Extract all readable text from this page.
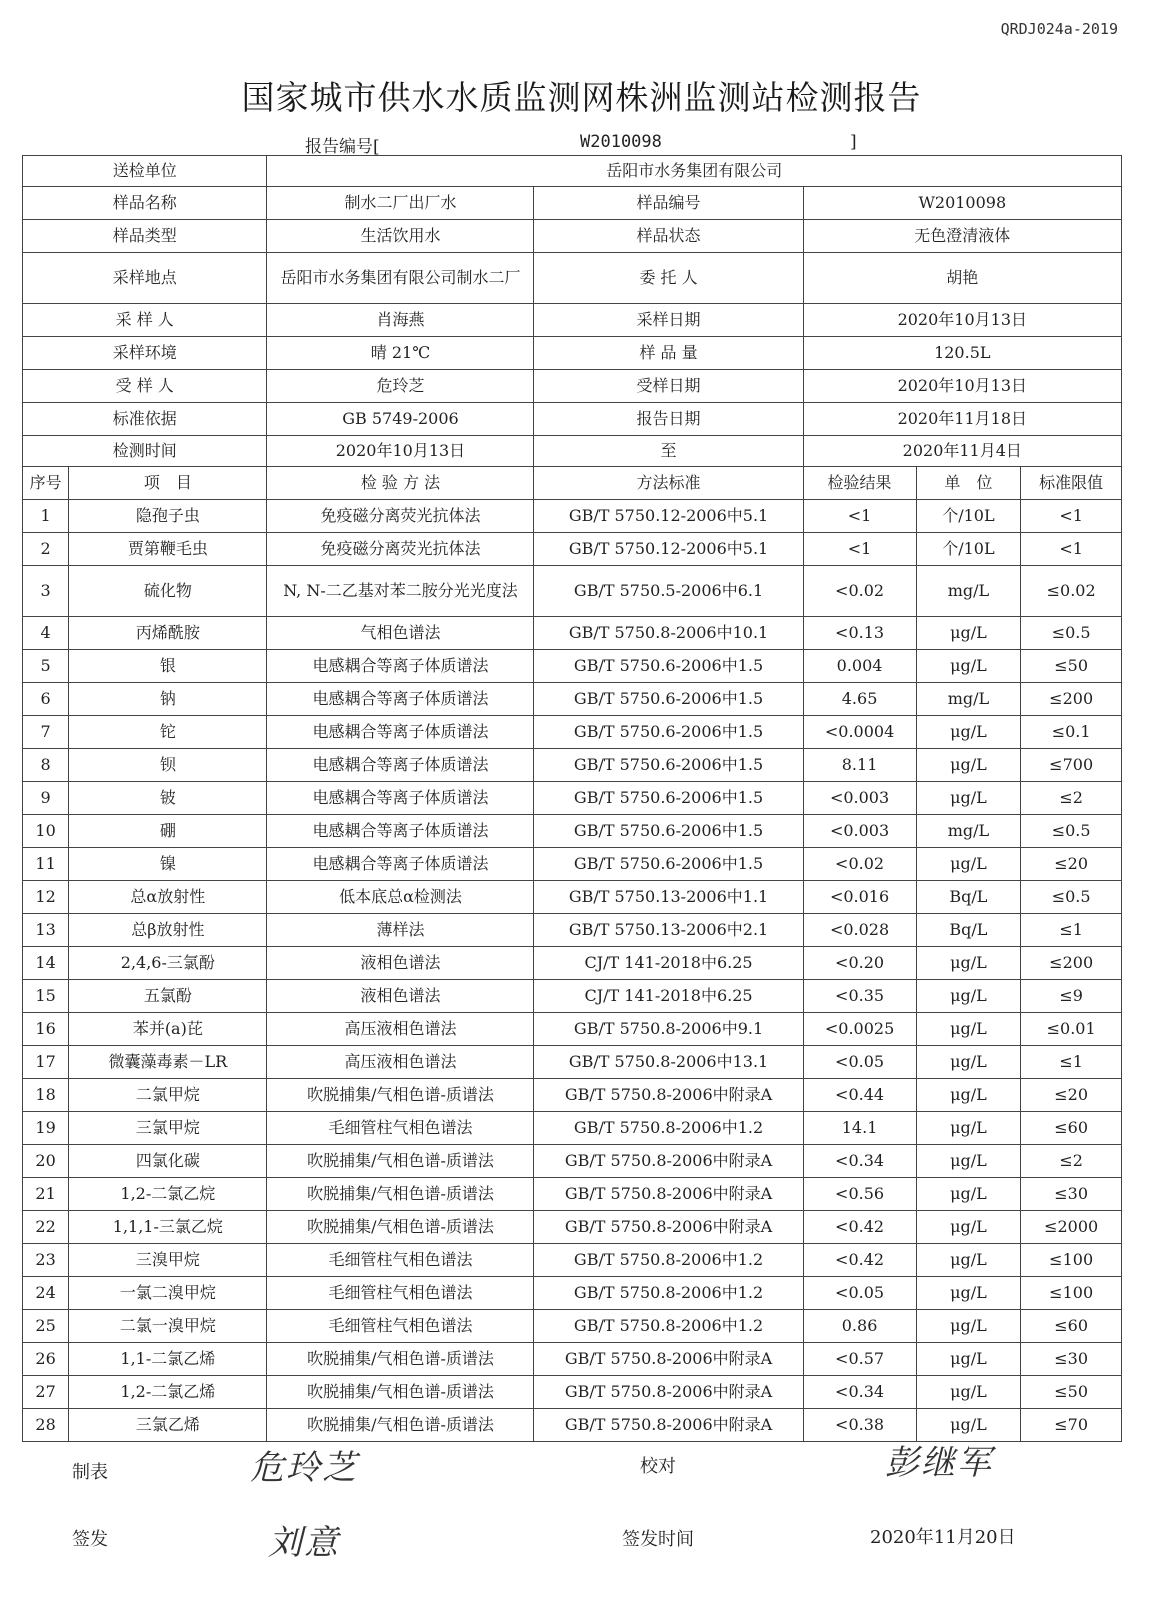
QRDJ024a-2019
国家城市供水水质监测网株洲监测站检测报告
报告编号[	W2010098	]
送检单位		岳阳市水务集团有限公司				
样品名称		制水二厂出厂水	样品编号	W2010098		
样品类型		生活饮用水	样品状态	无色澄清液体		
采样地点		岳阳市水务集团有限公司制水二厂	委 托 人	胡艳		
采 样 人		肖海燕	采样日期	2020年10月13日		
采样环境		晴 21℃	样 品 量	120.5L		
受 样 人		危玲芝	受样日期	2020年10月13日		
标准依据		GB 5749-2006	报告日期	2020年11月18日		
检测时间		2020年10月13日	至	2020年11月4日		
序号	项　目	检 验 方 法	方法标准	检验结果	单　位	标准限值
1	隐孢子虫	免疫磁分离荧光抗体法	GB/T 5750.12-2006中5.1	<1	个/10L	<1
2	贾第鞭毛虫	免疫磁分离荧光抗体法	GB/T 5750.12-2006中5.1	<1	个/10L	<1
3	硫化物	N, N-二乙基对苯二胺分光光度法	GB/T 5750.5-2006中6.1	<0.02	mg/L	≤0.02
4	丙烯酰胺	气相色谱法	GB/T 5750.8-2006中10.1	<0.13	μg/L	≤0.5
5	银	电感耦合等离子体质谱法	GB/T 5750.6-2006中1.5	0.004	μg/L	≤50
6	钠	电感耦合等离子体质谱法	GB/T 5750.6-2006中1.5	4.65	mg/L	≤200
7	铊	电感耦合等离子体质谱法	GB/T 5750.6-2006中1.5	<0.0004	μg/L	≤0.1
8	钡	电感耦合等离子体质谱法	GB/T 5750.6-2006中1.5	8.11	μg/L	≤700
9	铍	电感耦合等离子体质谱法	GB/T 5750.6-2006中1.5	<0.003	μg/L	≤2
10	硼	电感耦合等离子体质谱法	GB/T 5750.6-2006中1.5	<0.003	mg/L	≤0.5
11	镍	电感耦合等离子体质谱法	GB/T 5750.6-2006中1.5	<0.02	μg/L	≤20
12	总α放射性	低本底总α检测法	GB/T 5750.13-2006中1.1	<0.016	Bq/L	≤0.5
13	总β放射性	薄样法	GB/T 5750.13-2006中2.1	<0.028	Bq/L	≤1
14	2,4,6-三氯酚	液相色谱法	CJ/T 141-2018中6.25	<0.20	μg/L	≤200
15	五氯酚	液相色谱法	CJ/T 141-2018中6.25	<0.35	μg/L	≤9
16	苯并(a)芘	高压液相色谱法	GB/T 5750.8-2006中9.1	<0.0025	μg/L	≤0.01
17	微囊藻毒素－LR	高压液相色谱法	GB/T 5750.8-2006中13.1	<0.05	μg/L	≤1
18	二氯甲烷	吹脱捕集/气相色谱-质谱法	GB/T 5750.8-2006中附录A	<0.44	μg/L	≤20
19	三氯甲烷	毛细管柱气相色谱法	GB/T 5750.8-2006中1.2	14.1	μg/L	≤60
20	四氯化碳	吹脱捕集/气相色谱-质谱法	GB/T 5750.8-2006中附录A	<0.34	μg/L	≤2
21	1,2-二氯乙烷	吹脱捕集/气相色谱-质谱法	GB/T 5750.8-2006中附录A	<0.56	μg/L	≤30
22	1,1,1-三氯乙烷	吹脱捕集/气相色谱-质谱法	GB/T 5750.8-2006中附录A	<0.42	μg/L	≤2000
23	三溴甲烷	毛细管柱气相色谱法	GB/T 5750.8-2006中1.2	<0.42	μg/L	≤100
24	一氯二溴甲烷	毛细管柱气相色谱法	GB/T 5750.8-2006中1.2	<0.05	μg/L	≤100
25	二氯一溴甲烷	毛细管柱气相色谱法	GB/T 5750.8-2006中1.2	0.86	μg/L	≤60
26	1,1-二氯乙烯	吹脱捕集/气相色谱-质谱法	GB/T 5750.8-2006中附录A	<0.57	μg/L	≤30
27	1,2-二氯乙烯	吹脱捕集/气相色谱-质谱法	GB/T 5750.8-2006中附录A	<0.34	μg/L	≤50
28	三氯乙烯	吹脱捕集/气相色谱-质谱法	GB/T 5750.8-2006中附录A	<0.38	μg/L	≤70
制表	危玲芝	校对	彭继军
签发	刘意	签发时间	2020年11月20日
